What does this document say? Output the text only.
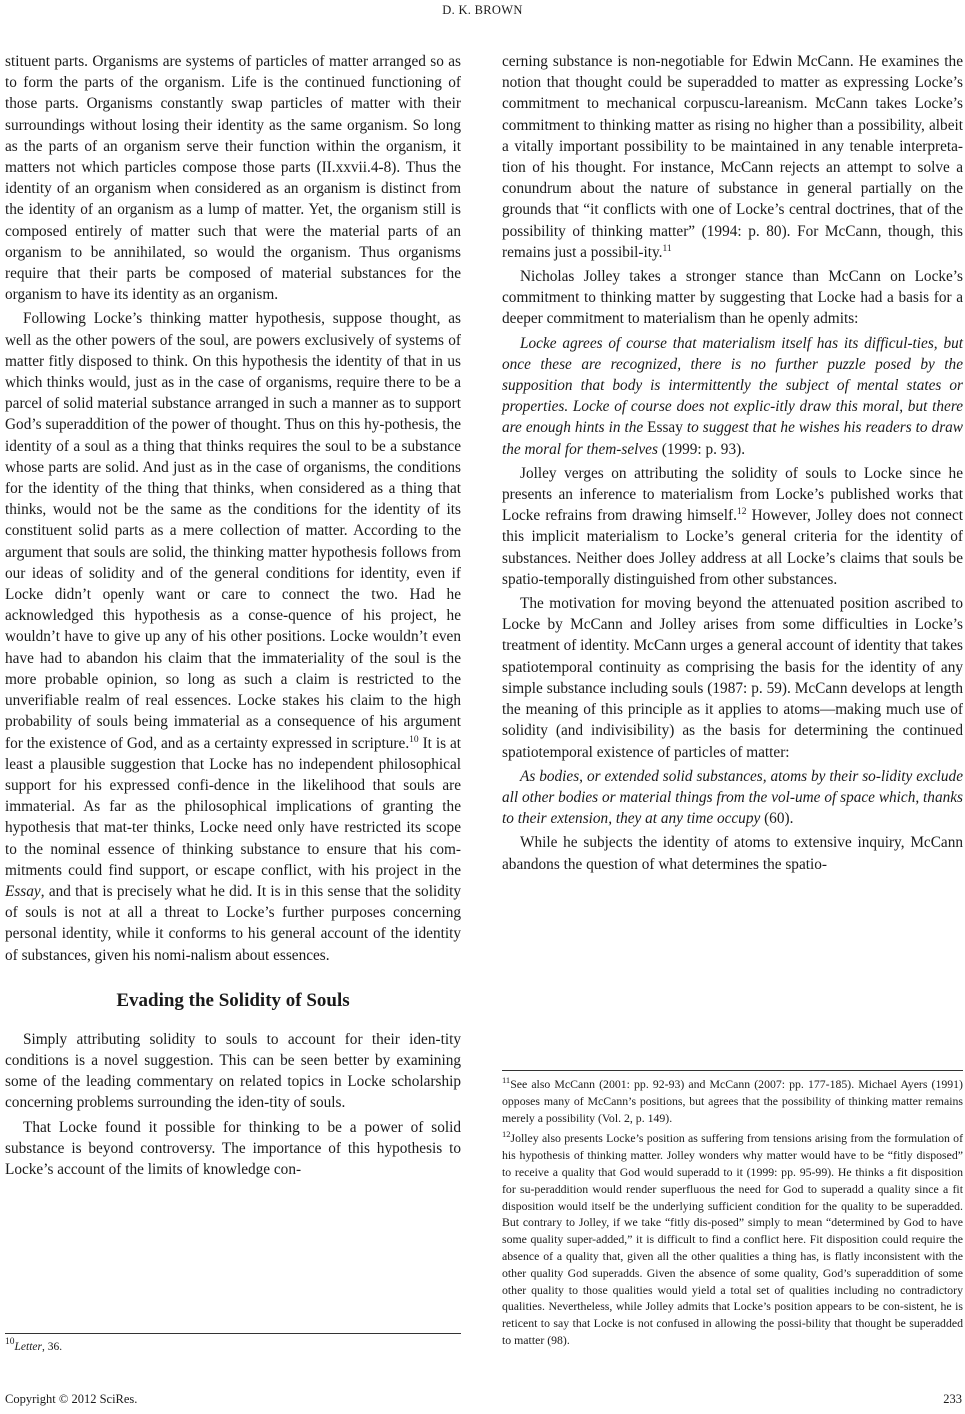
D. K. BROWN

stituent parts. Organisms are systems of particles of matter arranged so as to form the parts of the organism. Life is the continued functioning of those parts. Organisms constantly swap particles of matter with their surroundings without losing their identity as the same organism. So long as the parts of an organism serve their function within the organism, it matters not which particles compose those parts (II.xxvii.4-8). Thus the identity of an organism when considered as an organism is distinct from the identity of an organism as a lump of matter. Yet, the organism still is composed entirely of matter such that were the material parts of an organism to be annihilated, so would the organism. Thus organisms require that their parts be composed of material substances for the organism to have its identity as an organism.

Following Locke’s thinking matter hypothesis, suppose thought, as well as the other powers of the soul, are powers exclusively of systems of matter fitly disposed to think. On this hypothesis the identity of that in us which thinks would, just as in the case of organisms, require there to be a parcel of solid material substance arranged in such a manner as to support God’s superaddition of the power of thought. Thus on this hy-pothesis, the identity of a soul as a thing that thinks requires the soul to be a substance whose parts are solid. And just as in the case of organisms, the conditions for the identity of the thing that thinks, when considered as a thing that thinks, would not be the same as the conditions for the identity of its constituent solid parts as a mere collection of matter. According to the argument that souls are solid, the thinking matter hypothesis follows from our ideas of solidity and of the general conditions for identity, even if Locke didn’t openly want or care to connect the two. Had he acknowledged this hypothesis as a conse-quence of his project, he wouldn’t have to give up any of his other positions. Locke wouldn’t even have had to abandon his claim that the immateriality of the soul is the more probable opinion, so long as such a claim is restricted to the unverifiable realm of real essences. Locke stakes his claim to the high probability of souls being immaterial as a consequence of his argument for the existence of God, and as a certainty expressed in scripture.$^{10}$ It is at least a plausible suggestion that Locke has no independent philosophical support for his expressed confi-dence in the likelihood that souls are immaterial. As far as the philosophical implications of granting the hypothesis that mat-ter thinks, Locke need only have restricted its scope to the nominal essence of thinking substance to ensure that his com-mitments could find support, or escape conflict, with his project in the Essay, and that is precisely what he did. It is in this sense that the solidity of souls is not at all a threat to Locke’s further purposes concerning personal identity, while it conforms to his general account of the identity of substances, given his nomi-nalism about essences.

Evading the Solidity of Souls

Simply attributing solidity to souls to account for their iden-tity conditions is a novel suggestion. This can be seen better by examining some of the leading commentary on related topics in Locke scholarship concerning problems surrounding the iden-tity of souls.

That Locke found it possible for thinking to be a power of solid substance is beyond controversy. The importance of this hypothesis to Locke’s account of the limits of knowledge con-

$^{10}$Letter, 36.

cerning substance is non-negotiable for Edwin McCann. He examines the notion that thought could be superadded to matter as expressing Locke’s commitment to mechanical corpuscu-lareanism. McCann takes Locke’s commitment to thinking matter as rising no higher than a possibility, albeit a vitally important possibility to be maintained in any tenable interpreta-tion of his thought. For instance, McCann rejects an attempt to solve a conundrum about the nature of substance in general partially on the grounds that “it conflicts with one of Locke’s central doctrines, that of the possibility of thinking matter” (1994: p. 80). For McCann, though, this remains just a possibil-ity.$^{11}$

Nicholas Jolley takes a stronger stance than McCann on Locke’s commitment to thinking matter by suggesting that Locke had a basis for a deeper commitment to materialism than he openly admits:

Locke agrees of course that materialism itself has its difficul-ties, but once these are recognized, there is no further puzzle posed by the supposition that body is intermittently the subject of mental states or properties. Locke of course does not explic-itly draw this moral, but there are enough hints in the Essay to suggest that he wishes his readers to draw the moral for them-selves (1999: p. 93).

Jolley verges on attributing the solidity of souls to Locke since he presents an inference to materialism from Locke’s published works that Locke refrains from drawing himself.$^{12}$ However, Jolley does not connect this implicit materialism to Locke’s general criteria for the identity of substances. Neither does Jolley address at all Locke’s claims that souls be spatio-temporally distinguished from other substances.

The motivation for moving beyond the attenuated position ascribed to Locke by McCann and Jolley arises from some difficulties in Locke’s treatment of identity. McCann urges a general account of identity that takes spatiotemporal continuity as comprising the basis for the identity of any simple substance including souls (1987: p. 59). McCann develops at length the meaning of this principle as it applies to atoms—making much use of solidity (and indivisibility) as the basis for determining the continued spatiotemporal existence of particles of matter:

As bodies, or extended solid substances, atoms by their so-lidity exclude all other bodies or material things from the vol-ume of space which, thanks to their extension, they at any time occupy (60).

While he subjects the identity of atoms to extensive inquiry, McCann abandons the question of what determines the spatio-

$^{11}$See also McCann (2001: pp. 92-93) and McCann (2007: pp. 177-185). Michael Ayers (1991) opposes many of McCann’s positions, but agrees that the possibility of thinking matter remains merely a possibility (Vol. 2, p. 149).

$^{12}$Jolley also presents Locke’s position as suffering from tensions arising from the formulation of his hypothesis of thinking matter. Jolley wonders why matter would have to be “fitly disposed” to receive a quality that God would superadd to it (1999: pp. 95-99). He thinks a fit disposition for su-peraddition would render superfluous the need for God to superadd a quality since a fit disposition would itself be the underlying sufficient condition for the quality to be superadded. But contrary to Jolley, if we take “fitly dis-posed” simply to mean “determined by God to have some quality super-added,” it is difficult to find a conflict here. Fit disposition could require the absence of a quality that, given all the other qualities a thing has, is flatly inconsistent with the other quality God superadds. Given the absence of some quality, God’s superaddition of some other quality to those qualities would yield a total set of qualities including no contradictory qualities. Nevertheless, while Jolley admits that Locke’s position appears to be con-sistent, he is reticent to say that Locke is not confused in allowing the possi-bility that thought be superadded to matter (98).

Copyright © 2012 SciRes.	233
